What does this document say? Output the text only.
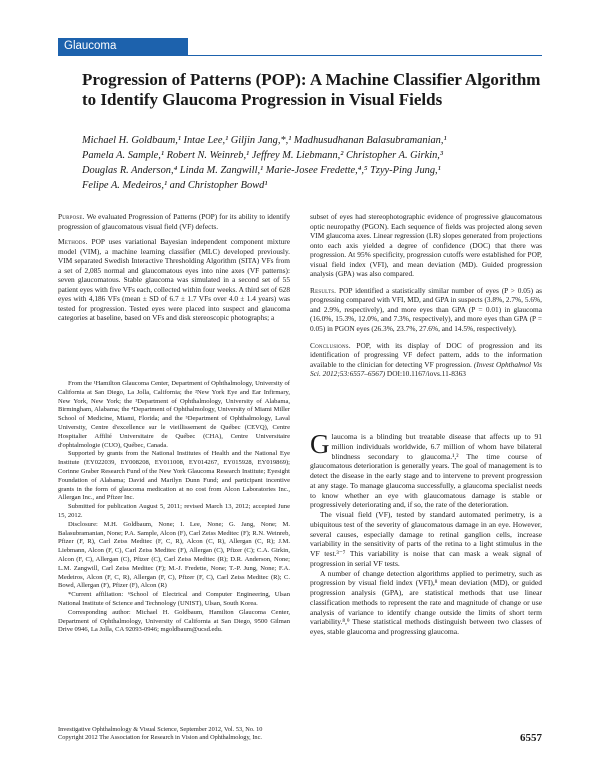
Glaucoma
Progression of Patterns (POP): A Machine Classifier Algorithm to Identify Glaucoma Progression in Visual Fields

Michael H. Goldbaum,¹ Intae Lee,¹ Giljin Jang,*,¹ Madhusudhanan Balasubramanian,¹

Pamela A. Sample,¹ Robert N. Weinreb,¹ Jeffrey M. Liebmann,² Christopher A. Girkin,³

Douglas R. Anderson,⁴ Linda M. Zangwill,¹ Marie-Josee Fredette,⁴,⁵ Tzyy-Ping Jung,¹

Felipe A. Medeiros,¹ and Christopher Bowd¹

Purpose. We evaluated Progression of Patterns (POP) for its ability to identify progression of glaucomatous visual field (VF) defects.

Methods. POP uses variational Bayesian independent component mixture model (VIM), a machine learning classifier (MLC) developed previously. VIM separated Swedish Interactive Thresholding Algorithm (SITA) VFs from a set of 2,085 normal and glaucomatous eyes into nine axes (VF patterns): seven glaucomatous. Stable glaucoma was simulated in a second set of 55 patient eyes with five VFs each, collected within four weeks. A third set of 628 eyes with 4,186 VFs (mean ± SD of 6.7 ± 1.7 VFs over 4.0 ± 1.4 years) was tested for progression. Tested eyes were placed into suspect and glaucoma categories at baseline, based on VFs and disk stereoscopic photographs; a

subset of eyes had stereophotographic evidence of progressive glaucomatous optic neuropathy (PGON). Each sequence of fields was projected along seven VIM glaucoma axes. Linear regression (LR) slopes generated from projections onto each axis yielded a degree of confidence (DOC) that there was progression. At 95% specificity, progression cutoffs were established for POP, visual field index (VFI), and mean deviation (MD). Guided progression analysis (GPA) was also compared.

Results. POP identified a statistically similar number of eyes (P > 0.05) as progressing compared with VFI, MD, and GPA in suspects (3.8%, 2.7%, 5.6%, and 2.9%, respectively), and more eyes than GPA (P = 0.01) in glaucoma (16.0%, 15.3%, 12.0%, and 7.3%, respectively), and more eyes than GPA (P = 0.05) in PGON eyes (26.3%, 23.7%, 27.6%, and 14.5%, respectively).

Conclusions. POP, with its display of DOC of progression and its identification of progressing VF defect pattern, adds to the information available to the clinician for detecting VF progression. (Invest Ophthalmol Vis Sci. 2012;53:6557–6567) DOI:10.1167/iovs.11-8363

From the ¹Hamilton Glaucoma Center, Department of Ophthalmology, University of California at San Diego, La Jolla, California; the ²New York Eye and Ear Infirmary, New York, New York; the ³Department of Ophthalmology, University of Alabama, Birmingham, Alabama; the ⁴Department of Ophthalmology, University of Miami Miller School of Medicine, Miami, Florida; and the ⁵Department of Ophthalmology, Laval University, Centre d'excellence sur le vieillissement de Québec (CEVQ), Centre Hospitalier Affilié Universitaire de Québec (CHA), Centre Universitaire d'ophtalmologie (CUO), Québec, Canada.

Supported by grants from the National Institutes of Health and the National Eye Institute (EY022039, EY008208, EY011008, EY014267, EY015928, EY019869); Corinne Graber Research Fund of the New York Glaucoma Research Institute; Eyesight Foundation of Alabama; David and Marilyn Dunn Fund; and participant incentive grants in the form of glaucoma medication at no cost from Alcon Laboratories Inc., Allergan Inc., and Pfizer Inc.

Submitted for publication August 5, 2011; revised March 13, 2012; accepted June 15, 2012.

Disclosure: M.H. Goldbaum, None; I. Lee, None; G. Jang, None; M. Balasubramanian, None; P.A. Sample, Alcon (F), Carl Zeiss Meditec (F); R.N. Weinreb, Pfizer (F, R), Carl Zeiss Meditec (F, C, R), Alcon (C, R), Allergan (C, R); J.M. Liebmann, Alcon (F, C), Carl Zeiss Meditec (F), Allergan (C), Pfizer (C); C.A. Girkin, Alcon (F, C), Allergan (C), Pfizer (C), Carl Zeiss Meditec (R); D.R. Anderson, None; L.M. Zangwill, Carl Zeiss Meditec (F); M.-J. Fredette, None; T.-P. Jung, None; F.A. Medeiros, Alcon (F, C, R), Allergan (F, C), Pfizer (F, C), Carl Zeiss Meditec (R); C. Bowd, Allergan (F), Pfizer (F), Alcon (R)

*Current affiliation: ⁶School of Electrical and Computer Engineering, Ulsan National Institute of Science and Technology (UNIST), Ulsan, South Korea.

Corresponding author: Michael H. Goldbaum, Hamilton Glaucoma Center, Department of Ophthalmology, University of California at San Diego, 9500 Gilman Drive 0946, La Jolla, CA 92093-0946; mgoldbaum@ucsd.edu.

Glaucoma is a blinding but treatable disease that affects up to 91 million individuals worldwide, 6.7 million of whom have bilateral blindness secondary to glaucoma.¹,² The time course of glaucomatous deterioration is generally years. The goal of management is to detect the disease in the early stage and to intervene to prevent progression at any stage. To manage glaucoma successfully, a glaucoma specialist needs to know whether an eye with glaucomatous damage is stable or progressively deteriorating and, if so, the rate of the deterioration.

The visual field (VF), tested by standard automated perimetry, is a ubiquitous test of the severity of glaucomatous damage in an eye. However, several causes, especially damage to retinal ganglion cells, increase variability in the sensitivity of parts of the retina to a light stimulus in the VF test.³⁻⁷ This variability is noise that can mask a weak signal of progression in serial VF tests.

A number of change detection algorithms applied to perimetry, such as progression by visual field index (VFI),⁸ mean deviation (MD), or guided progression analysis (GPA), are statistical methods that use linear classification methods to represent the rate and magnitude of change or use analysis of variance to identify change outside the limits of short term variability.⁸,⁹ These statistical methods distinguish between two classes of eyes, stable glaucoma and progressing glaucoma.

Investigative Ophthalmology & Visual Science, September 2012, Vol. 53, No. 10

Copyright 2012 The Association for Research in Vision and Ophthalmology, Inc.	6557
